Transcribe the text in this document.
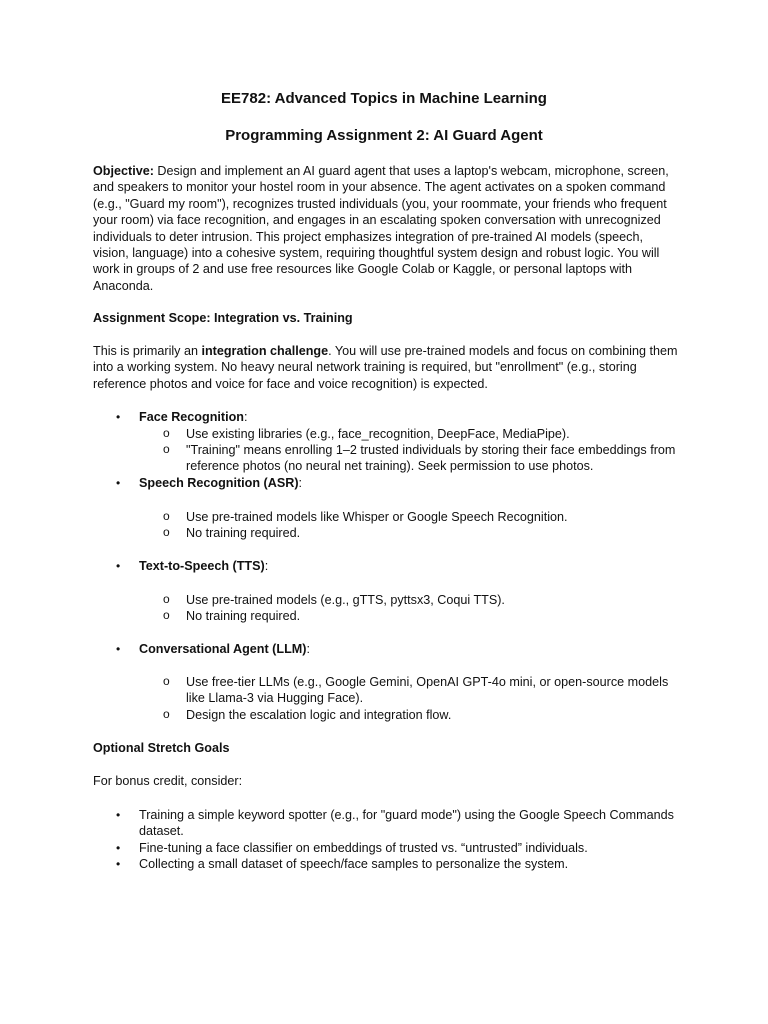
EE782: Advanced Topics in Machine Learning
Programming Assignment 2: AI Guard Agent

Objective: Design and implement an AI guard agent that uses a laptop's webcam, microphone, screen, and speakers to monitor your hostel room in your absence. The agent activates on a spoken command (e.g., "Guard my room"), recognizes trusted individuals (you, your roommate, your friends who frequent your room) via face recognition, and engages in an escalating spoken conversation with unrecognized individuals to deter intrusion. This project emphasizes integration of pre-trained AI models (speech, vision, language) into a cohesive system, requiring thoughtful system design and robust logic. You will work in groups of 2 and use free resources like Google Colab or Kaggle, or personal laptops with Anaconda.

Assignment Scope: Integration vs. Training

This is primarily an integration challenge. You will use pre-trained models and focus on combining them into a working system. No heavy neural network training is required, but "enrollment" (e.g., storing reference photos and voice for face and voice recognition) is expected.

• Face Recognition:
o Use existing libraries (e.g., face_recognition, DeepFace, MediaPipe).
o "Training" means enrolling 1–2 trusted individuals by storing their face embeddings from reference photos (no neural net training). Seek permission to use photos.
• Speech Recognition (ASR):
o Use pre-trained models like Whisper or Google Speech Recognition.
o No training required.
• Text-to-Speech (TTS):
o Use pre-trained models (e.g., gTTS, pyttsx3, Coqui TTS).
o No training required.
• Conversational Agent (LLM):
o Use free-tier LLMs (e.g., Google Gemini, OpenAI GPT-4o mini, or open-source models like Llama-3 via Hugging Face).
o Design the escalation logic and integration flow.
Optional Stretch Goals
For bonus credit, consider:
• Training a simple keyword spotter (e.g., for "guard mode") using the Google Speech Commands dataset.
• Fine-tuning a face classifier on embeddings of trusted vs. “untrusted” individuals.
• Collecting a small dataset of speech/face samples to personalize the system.
